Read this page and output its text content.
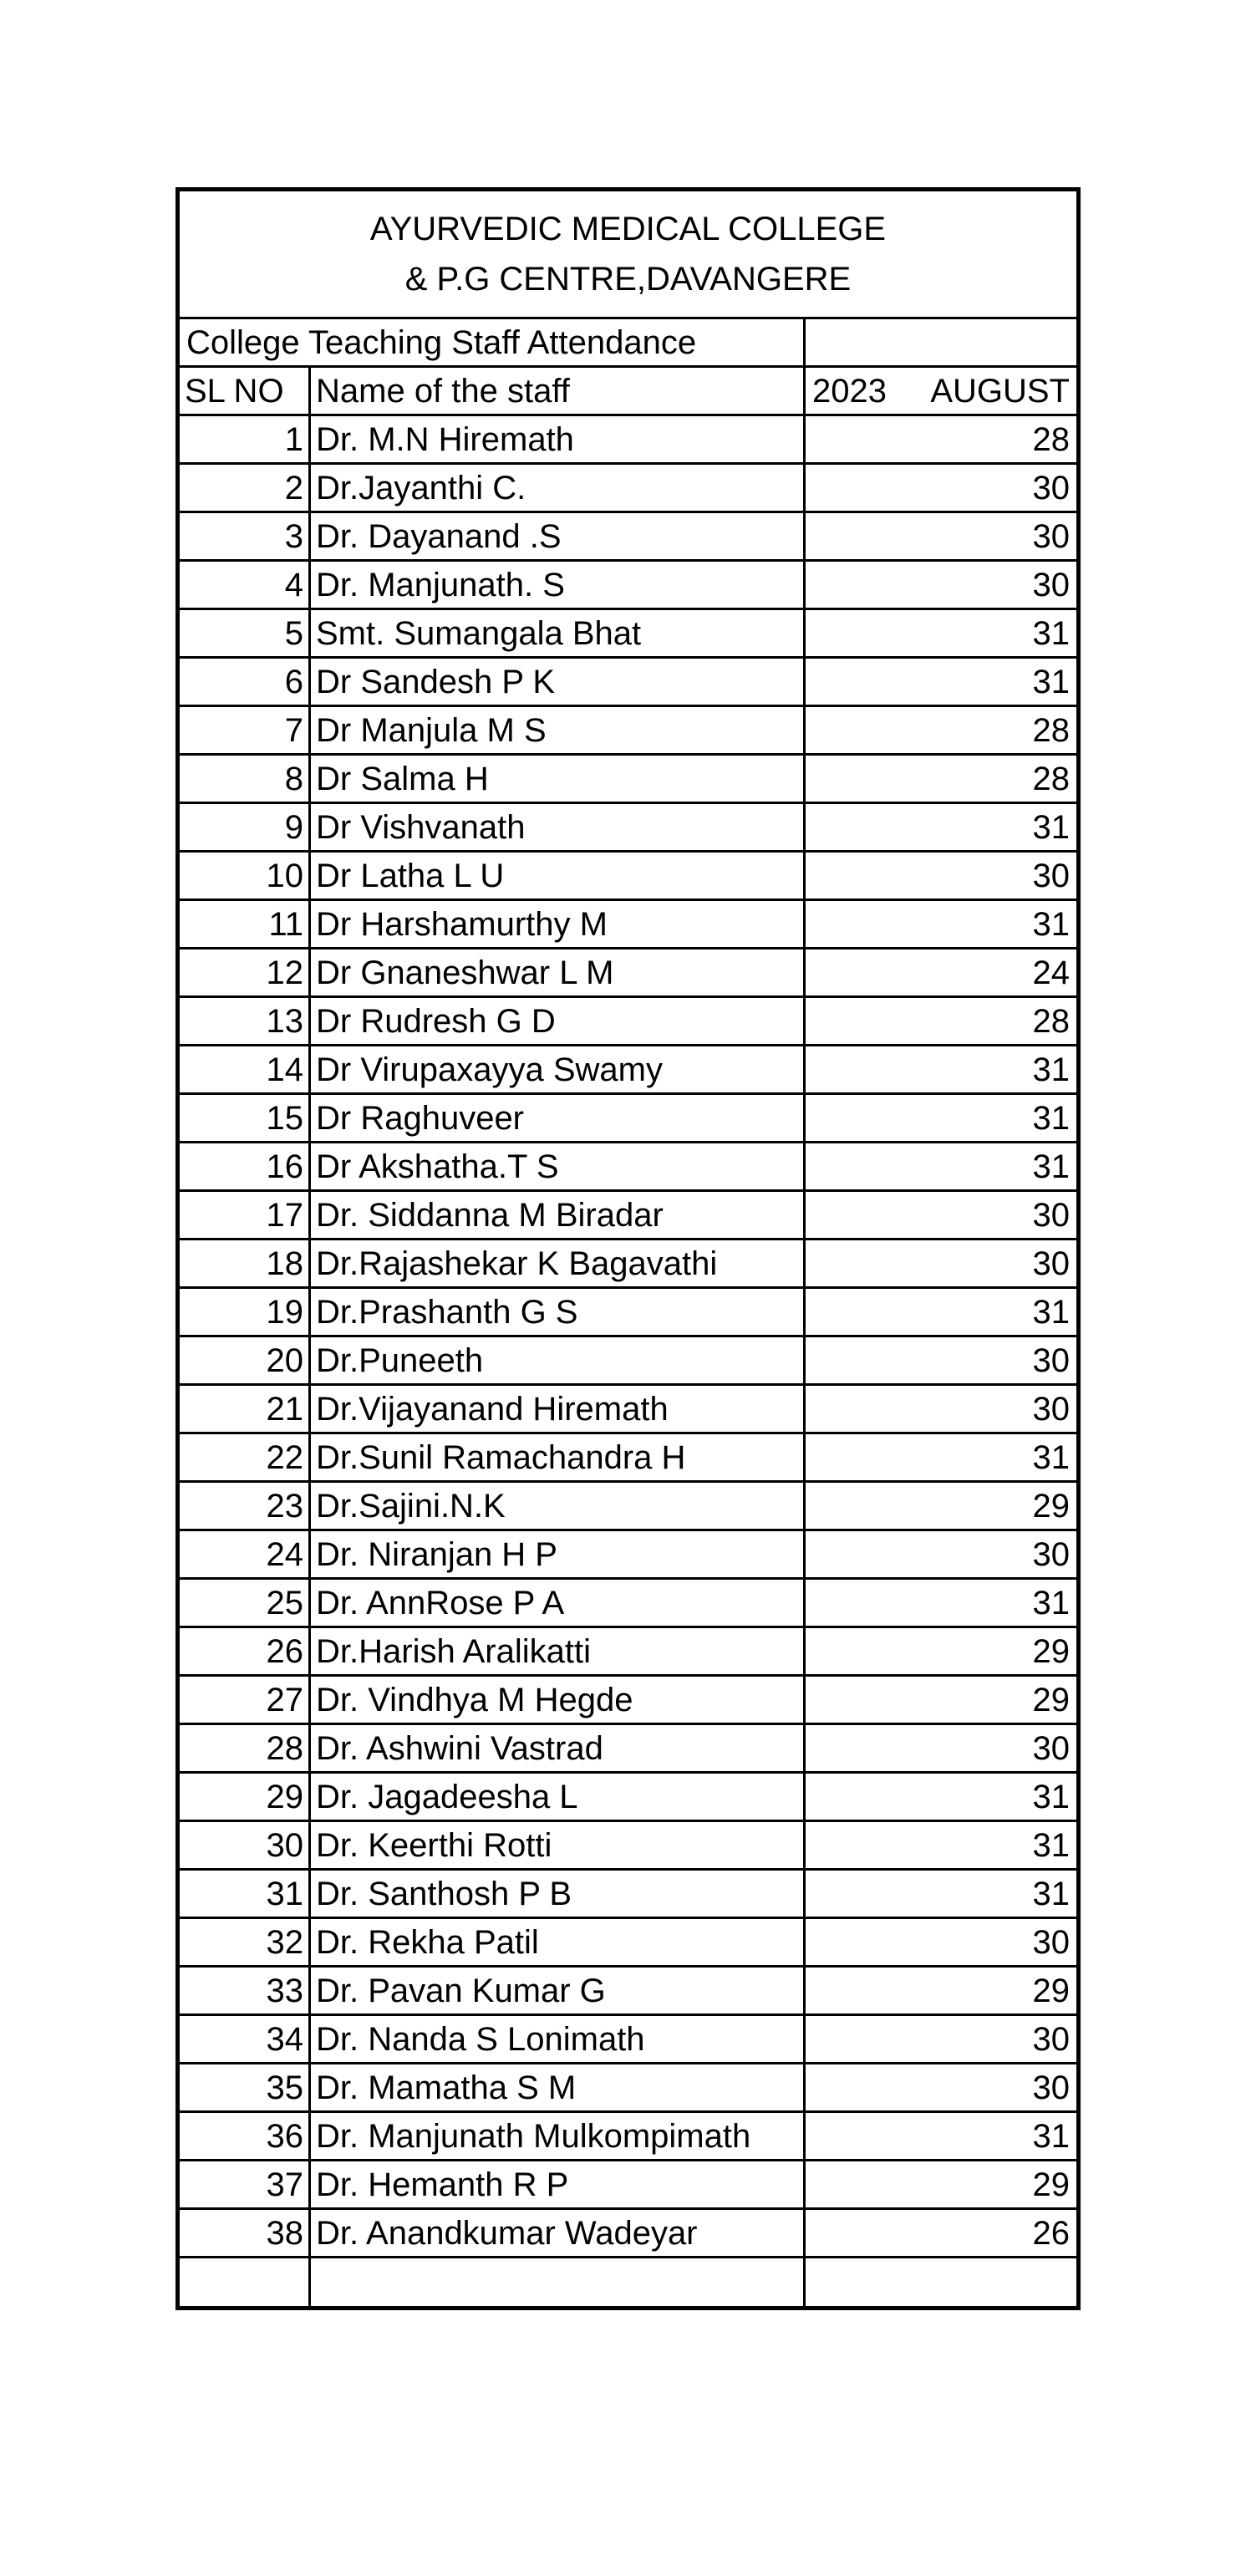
AYURVEDIC MEDICAL COLLEGE
& P.G CENTRE,DAVANGERE		

College Teaching Staff Attendance		
SL NO	Name of the staff	2023 AUGUST

1	Dr. M.N Hiremath	28
2	Dr.Jayanthi C.	30
3	Dr. Dayanand .S	30
4	Dr. Manjunath. S	30
5	Smt. Sumangala Bhat	31
6	Dr Sandesh P K	31
7	Dr Manjula M S	28
8	Dr Salma H	28
9	Dr Vishvanath	31
10	Dr Latha L U	30
11	Dr Harshamurthy M	31
12	Dr Gnaneshwar L M	24
13	Dr Rudresh G D	28
14	Dr Virupaxayya Swamy	31
15	Dr Raghuveer	31
16	Dr Akshatha.T S	31
17	Dr. Siddanna M Biradar	30
18	Dr.Rajashekar K Bagavathi	30
19	Dr.Prashanth G S	31
20	Dr.Puneeth	30
21	Dr.Vijayanand Hiremath	30
22	Dr.Sunil Ramachandra H	31
23	Dr.Sajini.N.K	29
24	Dr. Niranjan H P	30
25	Dr. AnnRose P A	31
26	Dr.Harish Aralikatti	29
27	Dr. Vindhya M Hegde	29
28	Dr. Ashwini Vastrad	30
29	Dr. Jagadeesha L	31
30	Dr. Keerthi Rotti	31
31	Dr. Santhosh P B	31
32	Dr. Rekha Patil	30
33	Dr. Pavan Kumar G	29
34	Dr. Nanda S Lonimath	30
35	Dr. Mamatha S M	30
36	Dr. Manjunath Mulkompimath	31
37	Dr. Hemanth R P	29
38	Dr. Anandkumar Wadeyar	26
